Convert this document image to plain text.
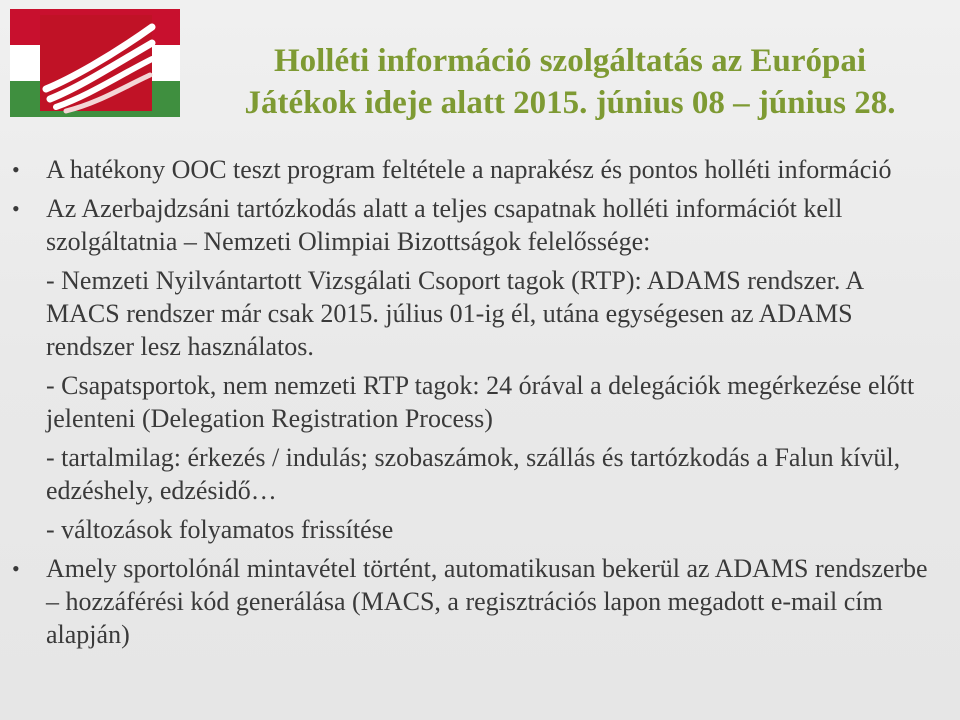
Holléti információ szolgáltatás az Európai
Játékok ideje alatt 2015. június 08 – június 28.
• A hatékony OOC teszt program feltétele a naprakész és pontos holléti információ
• Az Azerbajdzsáni tartózkodás alatt a teljes csapatnak holléti információt kell szolgáltatnia – Nemzeti Olimpiai Bizottságok felelőssége:
- Nemzeti Nyilvántartott Vizsgálati Csoport tagok (RTP): ADAMS rendszer. A MACS rendszer már csak 2015. július 01-ig él, utána egységesen az ADAMS rendszer lesz használatos.
- Csapatsportok, nem nemzeti RTP tagok: 24 órával a delegációk megérkezése előtt jelenteni (Delegation Registration Process)
- tartalmilag: érkezés / indulás; szobaszámok, szállás és tartózkodás a Falun kívül, edzéshely, edzésidő…
- változások folyamatos frissítése
• Amely sportolónál mintavétel történt, automatikusan bekerül az ADAMS rendszerbe – hozzáférési kód generálása (MACS, a regisztrációs lapon megadott e-mail cím alapján)
